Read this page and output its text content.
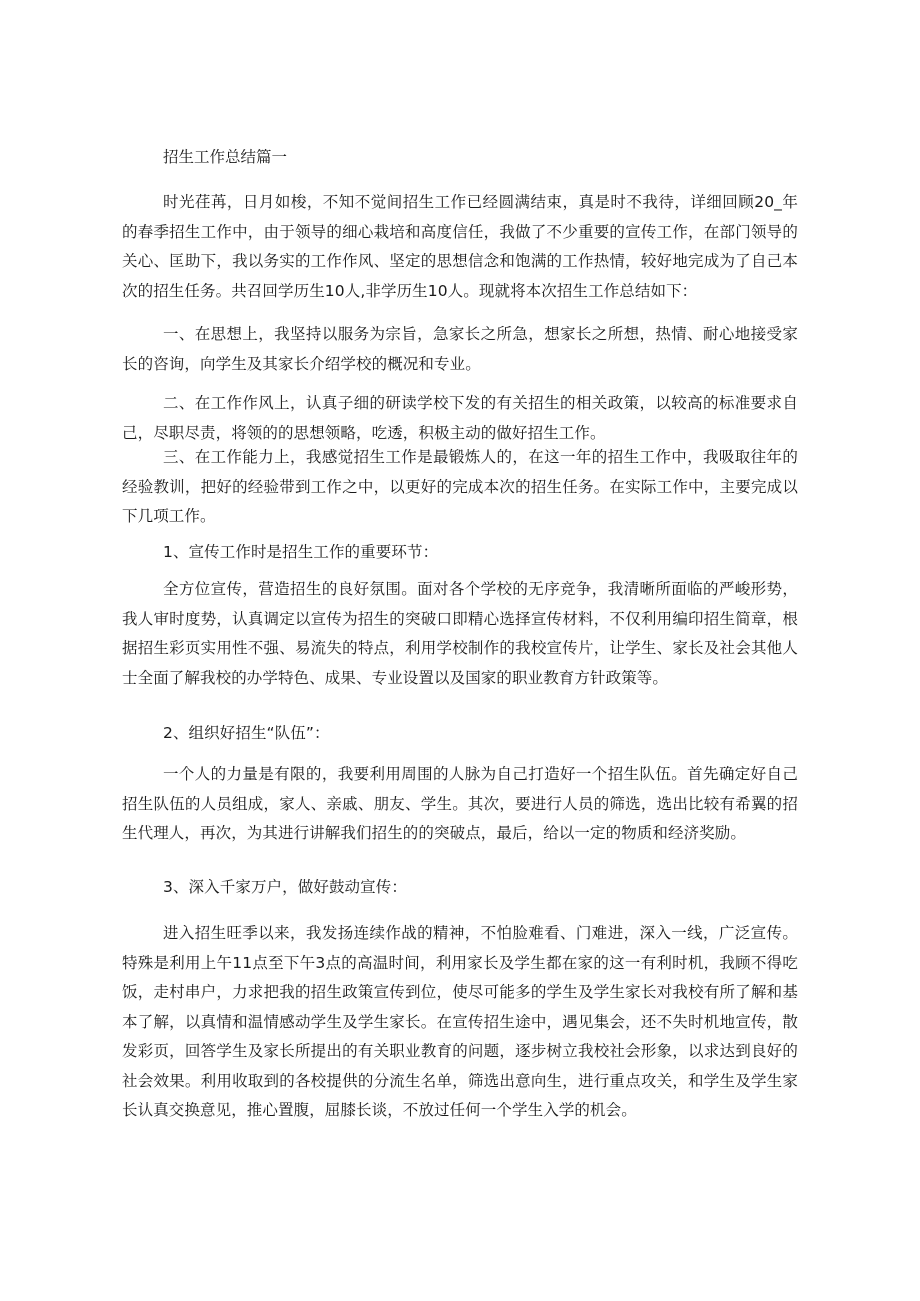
招生工作总结篇一

时光荏苒，日月如梭，不知不觉间招生工作已经圆满结束，真是时不我待，详细回顾20_年的春季招生工作中，由于领导的细心栽培和高度信任，我做了不少重要的宣传工作，在部门领导的关心、匡助下，我以务实的工作作风、坚定的思想信念和饱满的工作热情，较好地完成为了自己本次的招生任务。共召回学历生10人,非学历生10人。现就将本次招生工作总结如下：

一、在思想上，我坚持以服务为宗旨，急家长之所急，想家长之所想，热情、耐心地接受家长的咨询，向学生及其家长介绍学校的概况和专业。

二、在工作作风上，认真子细的研读学校下发的有关招生的相关政策，以较高的标准要求自己，尽职尽责，将领的的思想领略，吃透，积极主动的做好招生工作。

三、在工作能力上，我感觉招生工作是最锻炼人的，在这一年的招生工作中，我吸取往年的经验教训，把好的经验带到工作之中，以更好的完成本次的招生任务。在实际工作中，主要完成以下几项工作。

1、宣传工作时是招生工作的重要环节：

全方位宣传，营造招生的良好氛围。面对各个学校的无序竞争，我清晰所面临的严峻形势，我人审时度势，认真调定以宣传为招生的突破口即精心选择宣传材料，不仅利用编印招生简章，根据招生彩页实用性不强、易流失的特点，利用学校制作的我校宣传片，让学生、家长及社会其他人士全面了解我校的办学特色、成果、专业设置以及国家的职业教育方针政策等。

2、组织好招生“队伍”：

一个人的力量是有限的，我要利用周围的人脉为自己打造好一个招生队伍。首先确定好自己招生队伍的人员组成，家人、亲戚、朋友、学生。其次，要进行人员的筛选，选出比较有希翼的招生代理人，再次，为其进行讲解我们招生的的突破点，最后，给以一定的物质和经济奖励。

3、深入千家万户，做好鼓动宣传：

进入招生旺季以来，我发扬连续作战的精神，不怕脸难看、门难进，深入一线，广泛宣传。特殊是利用上午11点至下午3点的高温时间，利用家长及学生都在家的这一有利时机，我顾不得吃饭，走村串户，力求把我的招生政策宣传到位，使尽可能多的学生及学生家长对我校有所了解和基本了解，以真情和温情感动学生及学生家长。在宣传招生途中，遇见集会，还不失时机地宣传，散发彩页，回答学生及家长所提出的有关职业教育的问题，逐步树立我校社会形象，以求达到良好的社会效果。利用收取到的各校提供的分流生名单，筛选出意向生，进行重点攻关，和学生及学生家长认真交换意见，推心置腹，屈膝长谈，不放过任何一个学生入学的机会。
